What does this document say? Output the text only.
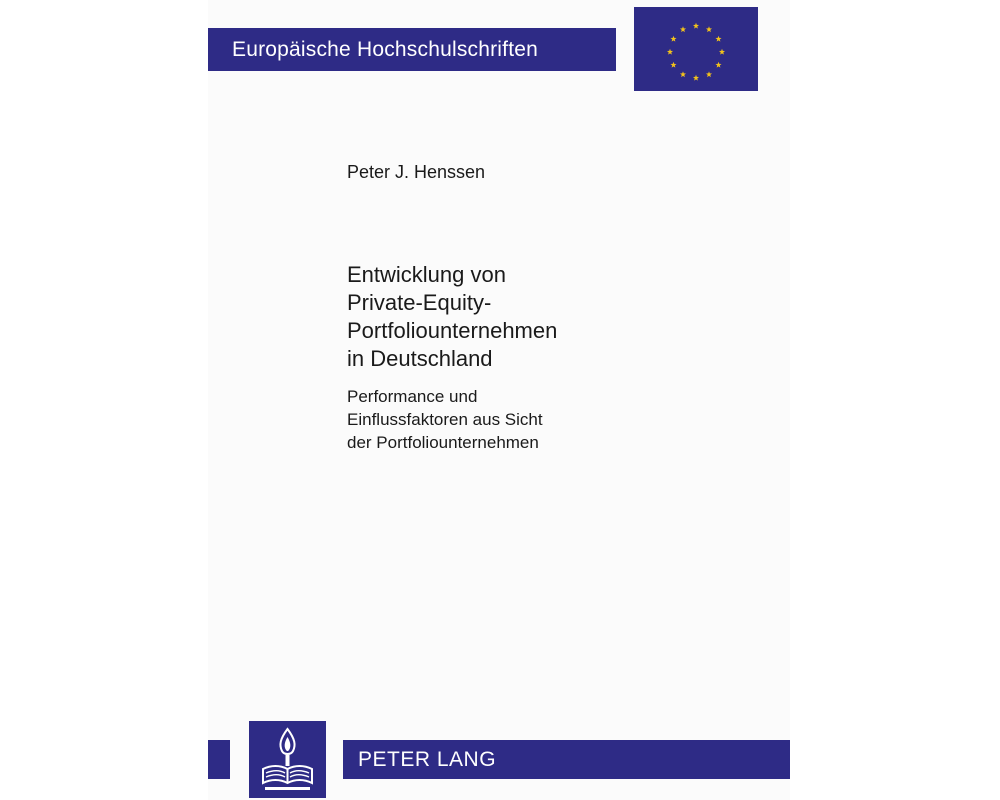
Europäische Hochschulschriften
Peter J. Henssen
Entwicklung von
Private-Equity-
Portfoliounternehmen
in Deutschland
Performance und
Einflussfaktoren aus Sicht
der Portfoliounternehmen
PETER LANG
